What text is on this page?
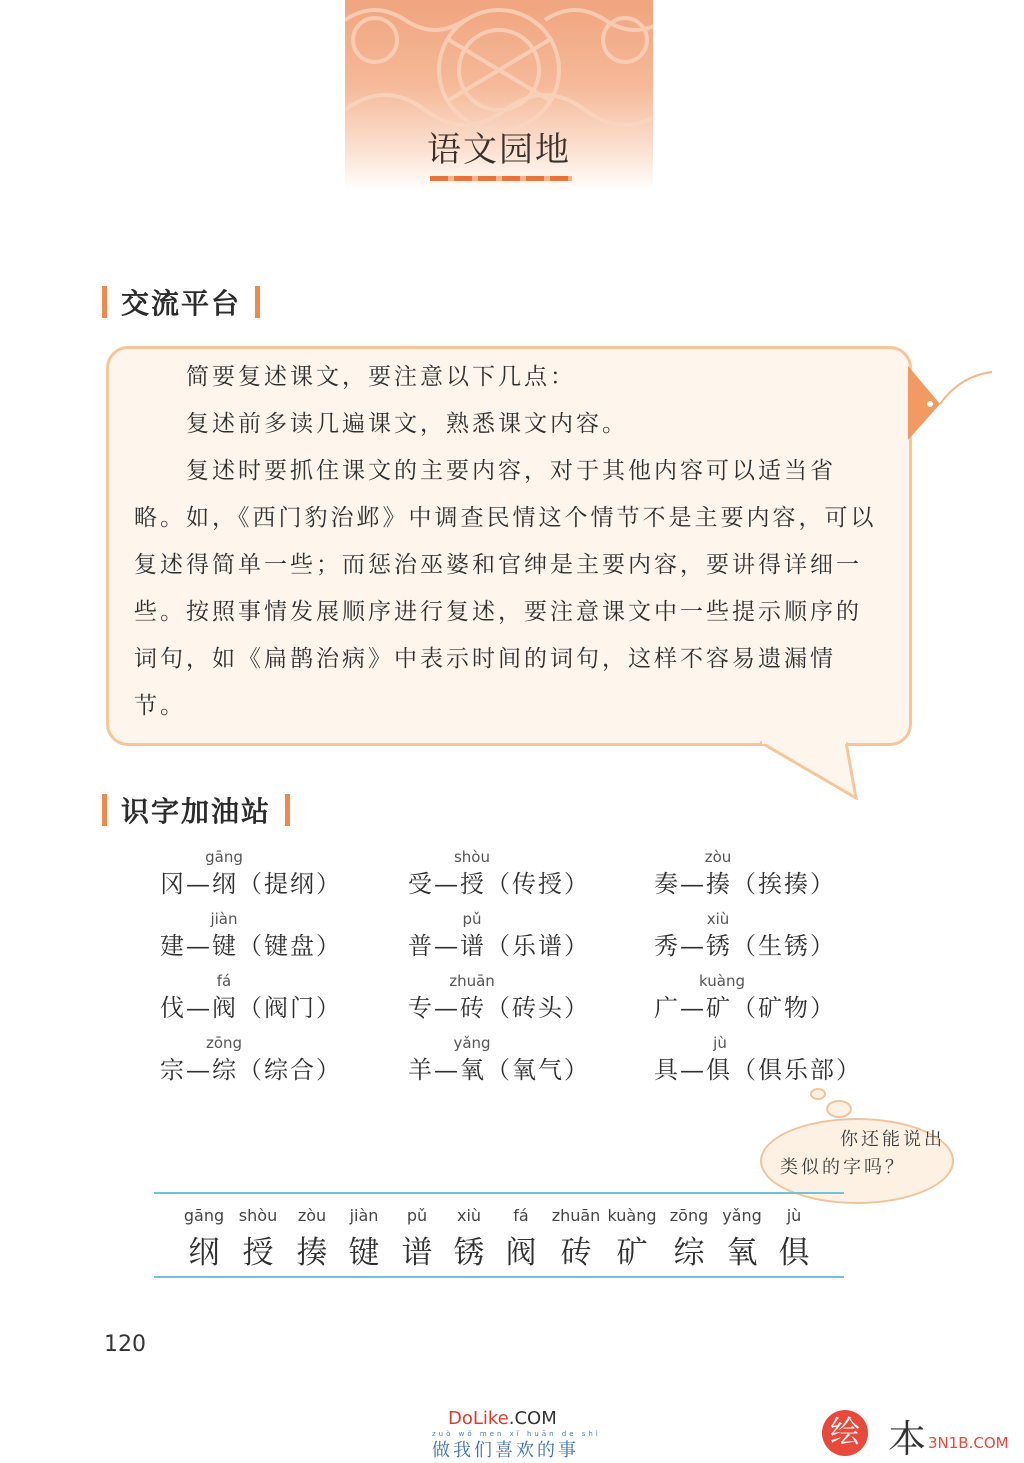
语文园地
交流平台

简要复述课文，要注意以下几点：

复述前多读几遍课文，熟悉课文内容。

复述时要抓住课文的主要内容，对于其他内容可以适当省略。如，《西门豹治邺》中调查民情这个情节不是主要内容，可以复述得简单一些；而惩治巫婆和官绅是主要内容，要讲得详细一些。 按照事情发展顺序进行复述，要注意课文中一些提示顺序的词句，如《扁鹊治病》中表示时间的词句，这样不容易遗漏情节。

识字加油站
gāng
冈—纲（提纲）
shòu
受—授（传授）
zòu
奏—揍（挨揍）
jiàn
建—键（键盘）
pǔ
普—谱（乐谱）
xiù
秀—锈（生锈）
fá
伐—阀（阀门）
zhuān
专—砖（砖头）
kuàng
广—矿（矿物）
zōng
宗—综（综合）
yǎng
羊—氧（氧气）
jù
具—俱（俱乐部）
你还能说出
类似的字吗？
gāng
纲
shòu
授
zòu
揍
jiàn
键
pǔ
谱
xiù
锈
fá
阀
zhuān
砖
kuàng
矿
zōng
综
yǎng
氧
jù
俱
120
DoLike.COM
zuò wǒ men xǐ huān de shì
做我们喜欢的事
绘 本 3N1B.COM
